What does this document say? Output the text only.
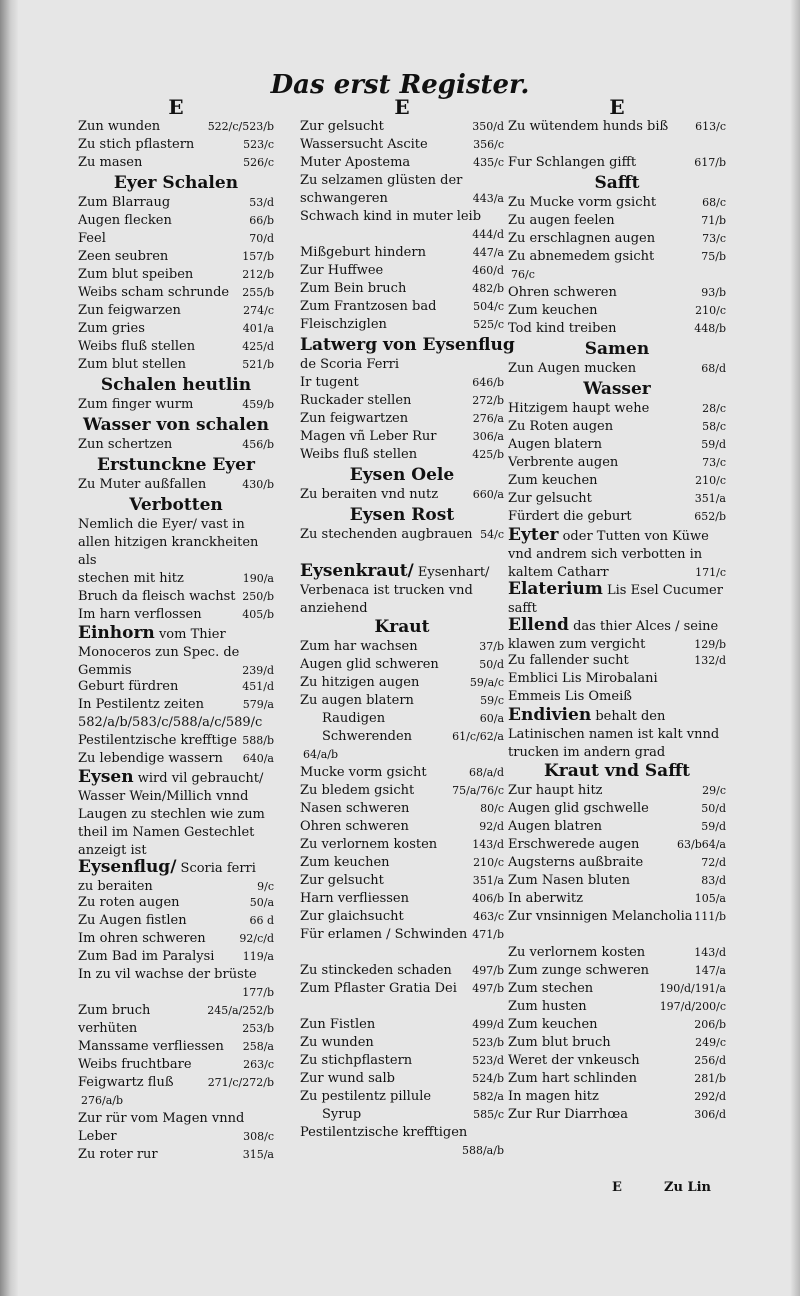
Das erst Register.
E
Zun wunden	522/c/523/b
Zu stich pflastern	523/c
Zu masen	526/c
Eyer Schalen
Zum Blarraug	53/d
Augen flecken	66/b
Feel	70/d
Zeen seubren	157/b
Zum blut speiben	212/b
Weibs scham schrunde 255/b
Zun feigwarzen	274/c
Zum gries	401/a
Weibs fluß stellen	425/d
Zum blut stellen	521/b
Schalen heutlin
Zum finger wurm	459/b
Wasser von schalen
Zun schertzen	456/b
Erstunckne Eyer
Zu Muter außfallen	430/b
Verbotten
Nemlich die Eyer/ vast in allen hitzigen kranckheiten als
stechen mit hitz	190/a
Bruch da fleisch wachst 250/b
Im harn verflossen	405/b
Einhorn vom Thier Monoceros zun Spec. de Gemmis	239/d
Geburt fürdren	451/d
In Pestilentz zeiten	579/a
582/a/b/583/c/588/a/c/589/c
Pestilentzische krefftige 588/b
Zu lebendige wassern 640/a
Eysen wird vil gebraucht/ Wasser Wein/Millich vnnd Laugen zu stechlen wie zum theil im Namen Gestechlet anzeigt ist
Eysenflug/ Scoria ferri zu beraiten	9/c
Zu roten augen	50/a
Zu Augen fistlen	66 d
Im ohren schweren	92/c/d
Zum Bad im Paralysi	119/a
In zu vil wachse der brüste
177/b
Zum bruch	245/a/252/b
verhüten	253/b
Manssame verfliessen 258/a
Weibs fruchtbare	263/c
Feigwartz fluß	271/c/272/b
276/a/b
Zur rür vom Magen vnnd
Leber	308/c
Zu roter rur	315/a
E
Zur gelsucht	350/d
Wassersucht Ascite	356/c
Muter Apostema	435/c
Zu selzamen glüsten der
schwangeren	443/a
Schwach kind in muter leib
444/d
Mißgeburt hindern	447/a
Zur Huffwee	460/d
Zum Bein bruch	482/b
Zum Frantzosen bad	504/c
Fleischziglen	525/c
Latwerg von Eysenflug
de Scoria Ferri
Ir tugent	646/b
Ruckader stellen	272/b
Zun feigwartzen	276/a
Magen vñ Leber Rur	306/a
Weibs fluß stellen	425/b
Eysen Oele
Zu beraiten vnd nutz	660/a
Eysen Rost
Zu stechenden augbrauen 54/c
Eysenkraut/ Eysenhart/ Verbenaca ist trucken vnd anziehend
Kraut
Zum har wachsen	37/b
Augen glid schweren	50/d
Zu hitzigen augen	59/a/c
Zu augen blatern	59/c
Raudigen	60/a
Schwerenden	61/c/62/a
64/a/b
Mucke vorm gsicht	68/a/d
Zu bledem gsicht	75/a/76/c
Nasen schweren	80/c
Ohren schweren	92/d
Zu verlornem kosten	143/d
Zum keuchen	210/c
Zur gelsucht	351/a
Harn verfliessen	406/b
Zur glaichsucht	463/c
Für erlamen / Schwinden 471/b
Zu stinckeden schaden 497/b
Zum Pflaster Gratia Dei 497/b
Zun Fistlen	499/d
Zu wunden	523/b
Zu stichpflastern	523/d
Zur wund salb	524/b
Zu pestilentz pillule	582/a
Syrup	585/c
Pestilentzische krefftigen
588/a/b
E
Zu wütendem hunds biß 613/c
Fur Schlangen gifft	617/b
Safft
Zu Mucke vorm gsicht	68/c
Zu augen feelen	71/b
Zu erschlagnen augen	73/c
Zu abnemedem gsicht	75/b
76/c
Ohren schweren	93/b
Zum keuchen	210/c
Tod kind treiben	448/b
Samen
Zun Augen mucken	68/d
Wasser
Hitzigem haupt wehe	28/c
Zu Roten augen	58/c
Augen blatern	59/d
Verbrente augen	73/c
Zum keuchen	210/c
Zur gelsucht	351/a
Fürdert die geburt	652/b
Eyter oder Tutten von Küwe vnd andrem sich verbotten in kaltem Catharr	171/c
Elaterium Lis Esel Cucumer safft
Ellend das thier Alces / seine klawen zum vergicht	129/b
Zu fallender sucht	132/d
Emblici Lis Mirobalani
Emmeis Lis Omeiß
Endivien behalt den Latinischen namen ist kalt vnnd trucken im andern grad
Kraut vnd Safft
Zur haupt hitz	29/c
Augen glid gschwelle	50/d
Augen blatren	59/d
Erschwerede augen	63/b64/a
Augsterns außbraite	72/d
Zum Nasen bluten	83/d
In aberwitz	105/a
Zur vnsinnigen Melancholia 111/b
Zu verlornem kosten	143/d
Zum zunge schweren	147/a
Zum stechen	190/d/191/a
Zum husten	197/d/200/c
Zum keuchen	206/b
Zum blut bruch	249/c
Weret der vnkeusch	256/d
Zum hart schlinden	281/b
In magen hitz	292/d
Zur Rur Diarrhœa	306/d
E	Zu Lin
